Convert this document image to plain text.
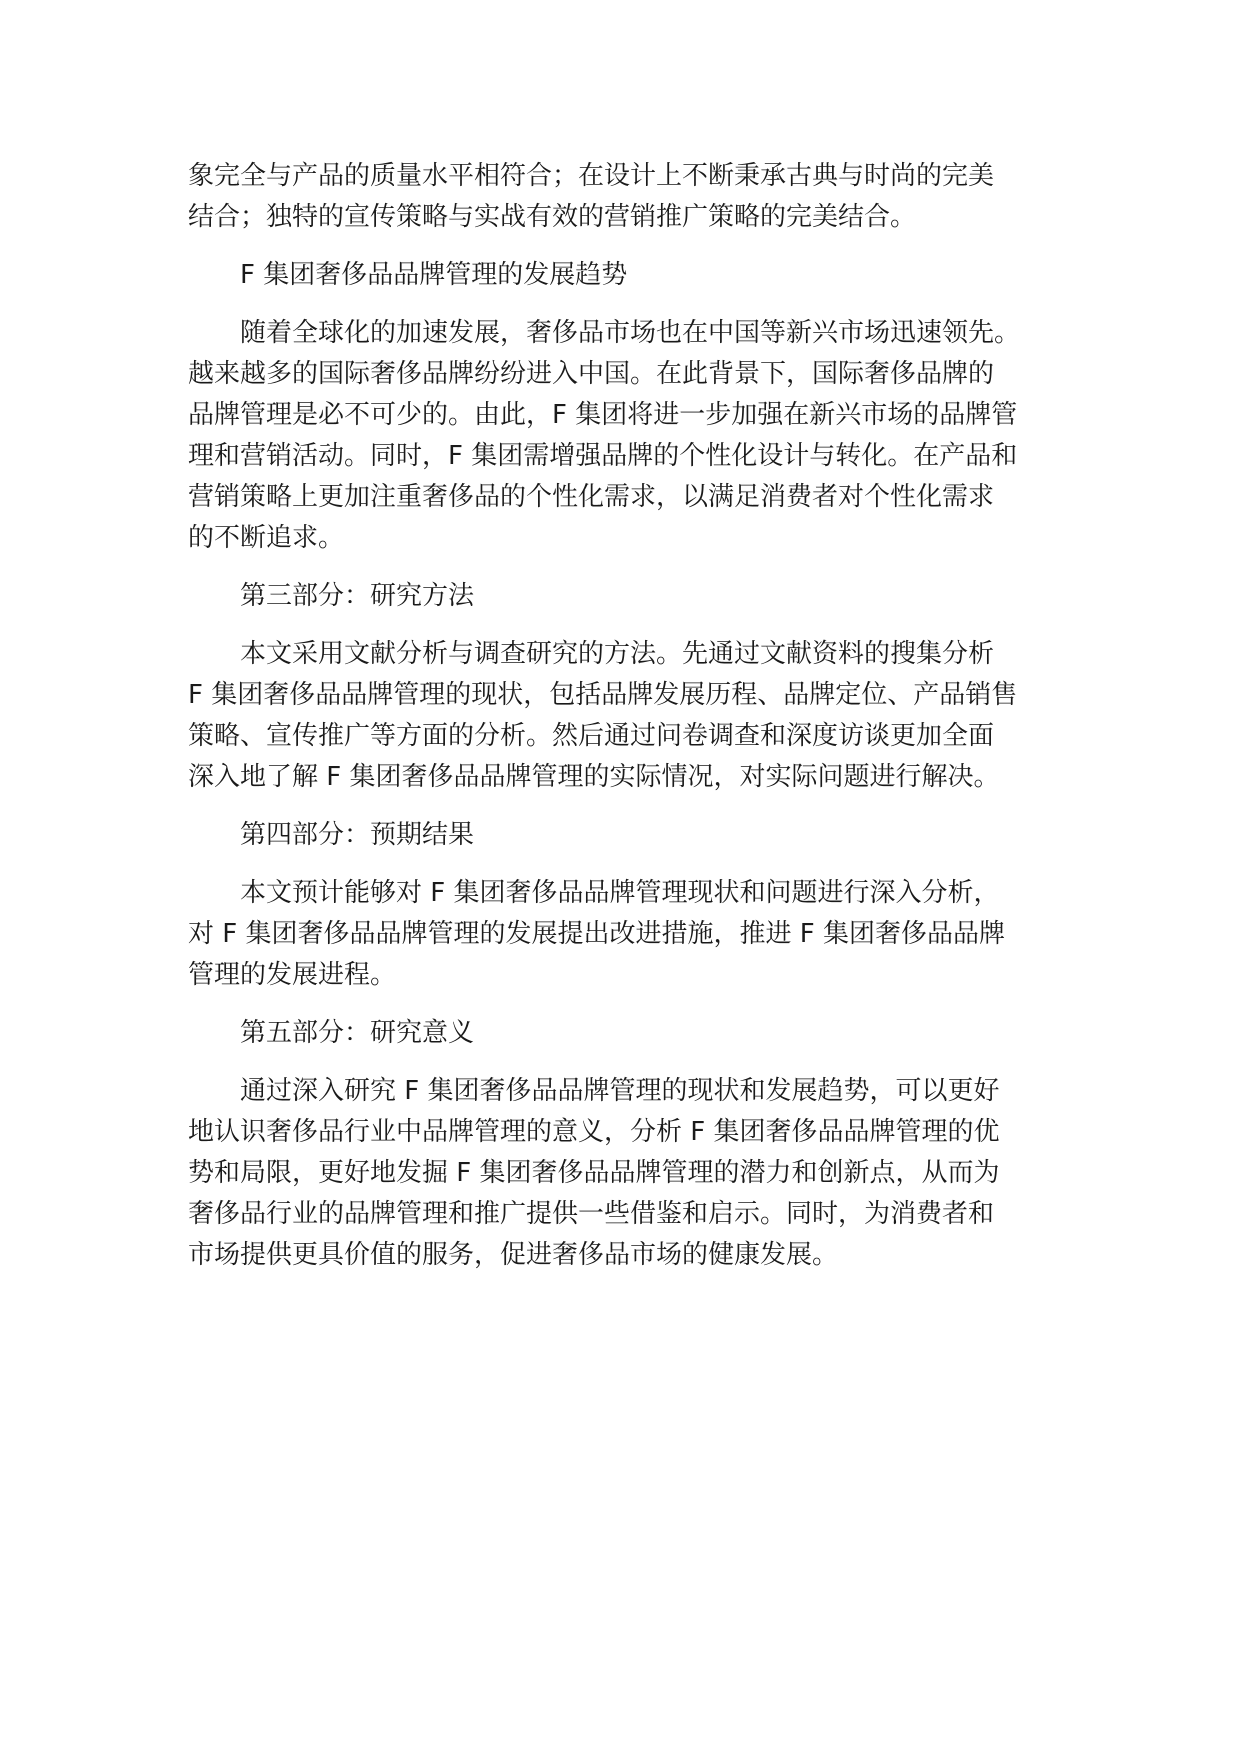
象完全与产品的质量水平相符合；在设计上不断秉承古典与时尚的完美
结合；独特的宣传策略与实战有效的营销推广策略的完美结合。
F 集团奢侈品品牌管理的发展趋势
随着全球化的加速发展，奢侈品市场也在中国等新兴市场迅速领先。
越来越多的国际奢侈品牌纷纷进入中国。在此背景下，国际奢侈品牌的
品牌管理是必不可少的。由此，F 集团将进一步加强在新兴市场的品牌管
理和营销活动。同时，F 集团需增强品牌的个性化设计与转化。在产品和
营销策略上更加注重奢侈品的个性化需求，以满足消费者对个性化需求
的不断追求。
第三部分：研究方法
本文采用文献分析与调查研究的方法。先通过文献资料的搜集分析
F 集团奢侈品品牌管理的现状，包括品牌发展历程、品牌定位、产品销售
策略、宣传推广等方面的分析。然后通过问卷调查和深度访谈更加全面
深入地了解 F 集团奢侈品品牌管理的实际情况，对实际问题进行解决。
第四部分：预期结果
本文预计能够对 F 集团奢侈品品牌管理现状和问题进行深入分析，
对 F 集团奢侈品品牌管理的发展提出改进措施，推进 F 集团奢侈品品牌
管理的发展进程。
第五部分：研究意义
通过深入研究 F 集团奢侈品品牌管理的现状和发展趋势，可以更好
地认识奢侈品行业中品牌管理的意义，分析 F 集团奢侈品品牌管理的优
势和局限，更好地发掘 F 集团奢侈品品牌管理的潜力和创新点，从而为
奢侈品行业的品牌管理和推广提供一些借鉴和启示。同时，为消费者和
市场提供更具价值的服务，促进奢侈品市场的健康发展。
